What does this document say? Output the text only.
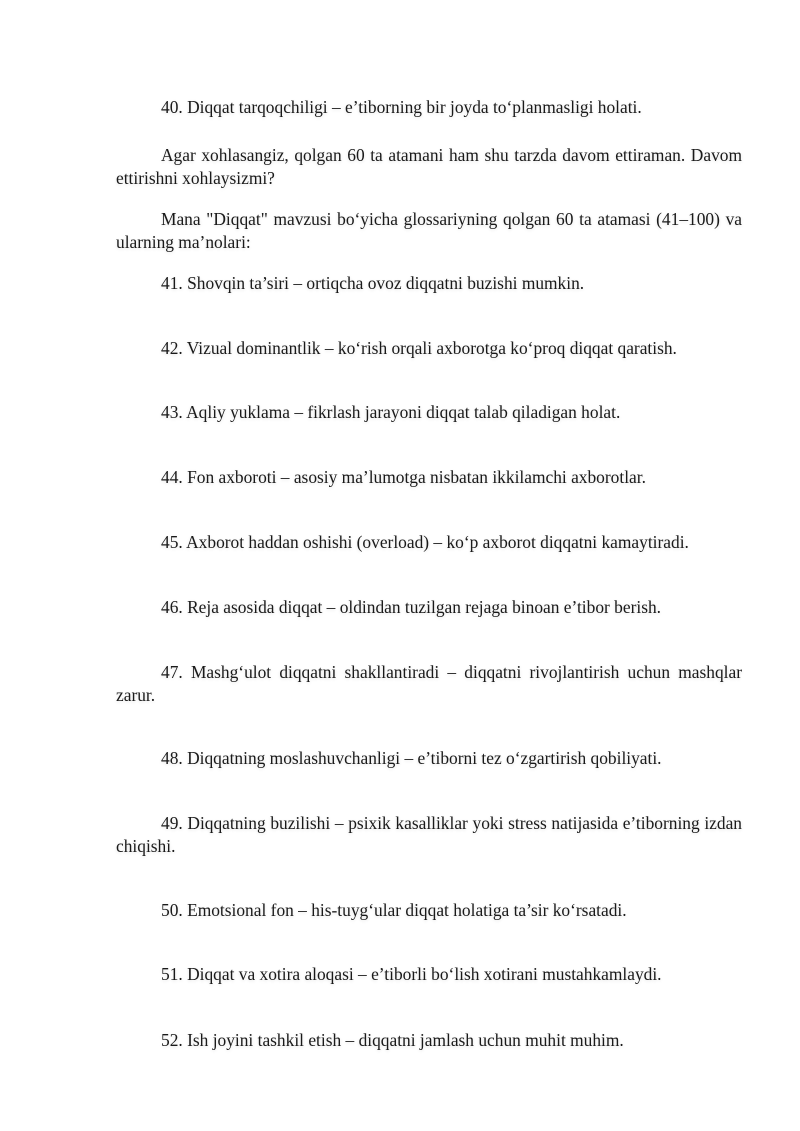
40. Diqqat tarqoqchiligi – e’tiborning bir joyda to‘planmasligi holati.

Agar xohlasangiz, qolgan 60 ta atamani ham shu tarzda davom ettiraman. Davom ettirishni xohlaysizmi?

Mana "Diqqat" mavzusi bo‘yicha glossariyning qolgan 60 ta atamasi (41–100) va ularning ma’nolari:

41. Shovqin ta’siri – ortiqcha ovoz diqqatni buzishi mumkin.

42. Vizual dominantlik – ko‘rish orqali axborotga ko‘proq diqqat qaratish.

43. Aqliy yuklama – fikrlash jarayoni diqqat talab qiladigan holat.

44. Fon axboroti – asosiy ma’lumotga nisbatan ikkilamchi axborotlar.

45. Axborot haddan oshishi (overload) – ko‘p axborot diqqatni kamaytiradi.

46. Reja asosida diqqat – oldindan tuzilgan rejaga binoan e’tibor berish.

47. Mashg‘ulot diqqatni shakllantiradi – diqqatni rivojlantirish uchun mashqlar zarur.

48. Diqqatning moslashuvchanligi – e’tiborni tez o‘zgartirish qobiliyati.

49. Diqqatning buzilishi – psixik kasalliklar yoki stress natijasida e’tiborning izdan chiqishi.

50. Emotsional fon – his-tuyg‘ular diqqat holatiga ta’sir ko‘rsatadi.

51. Diqqat va xotira aloqasi – e’tiborli bo‘lish xotirani mustahkamlaydi.

52. Ish joyini tashkil etish – diqqatni jamlash uchun muhit muhim.
